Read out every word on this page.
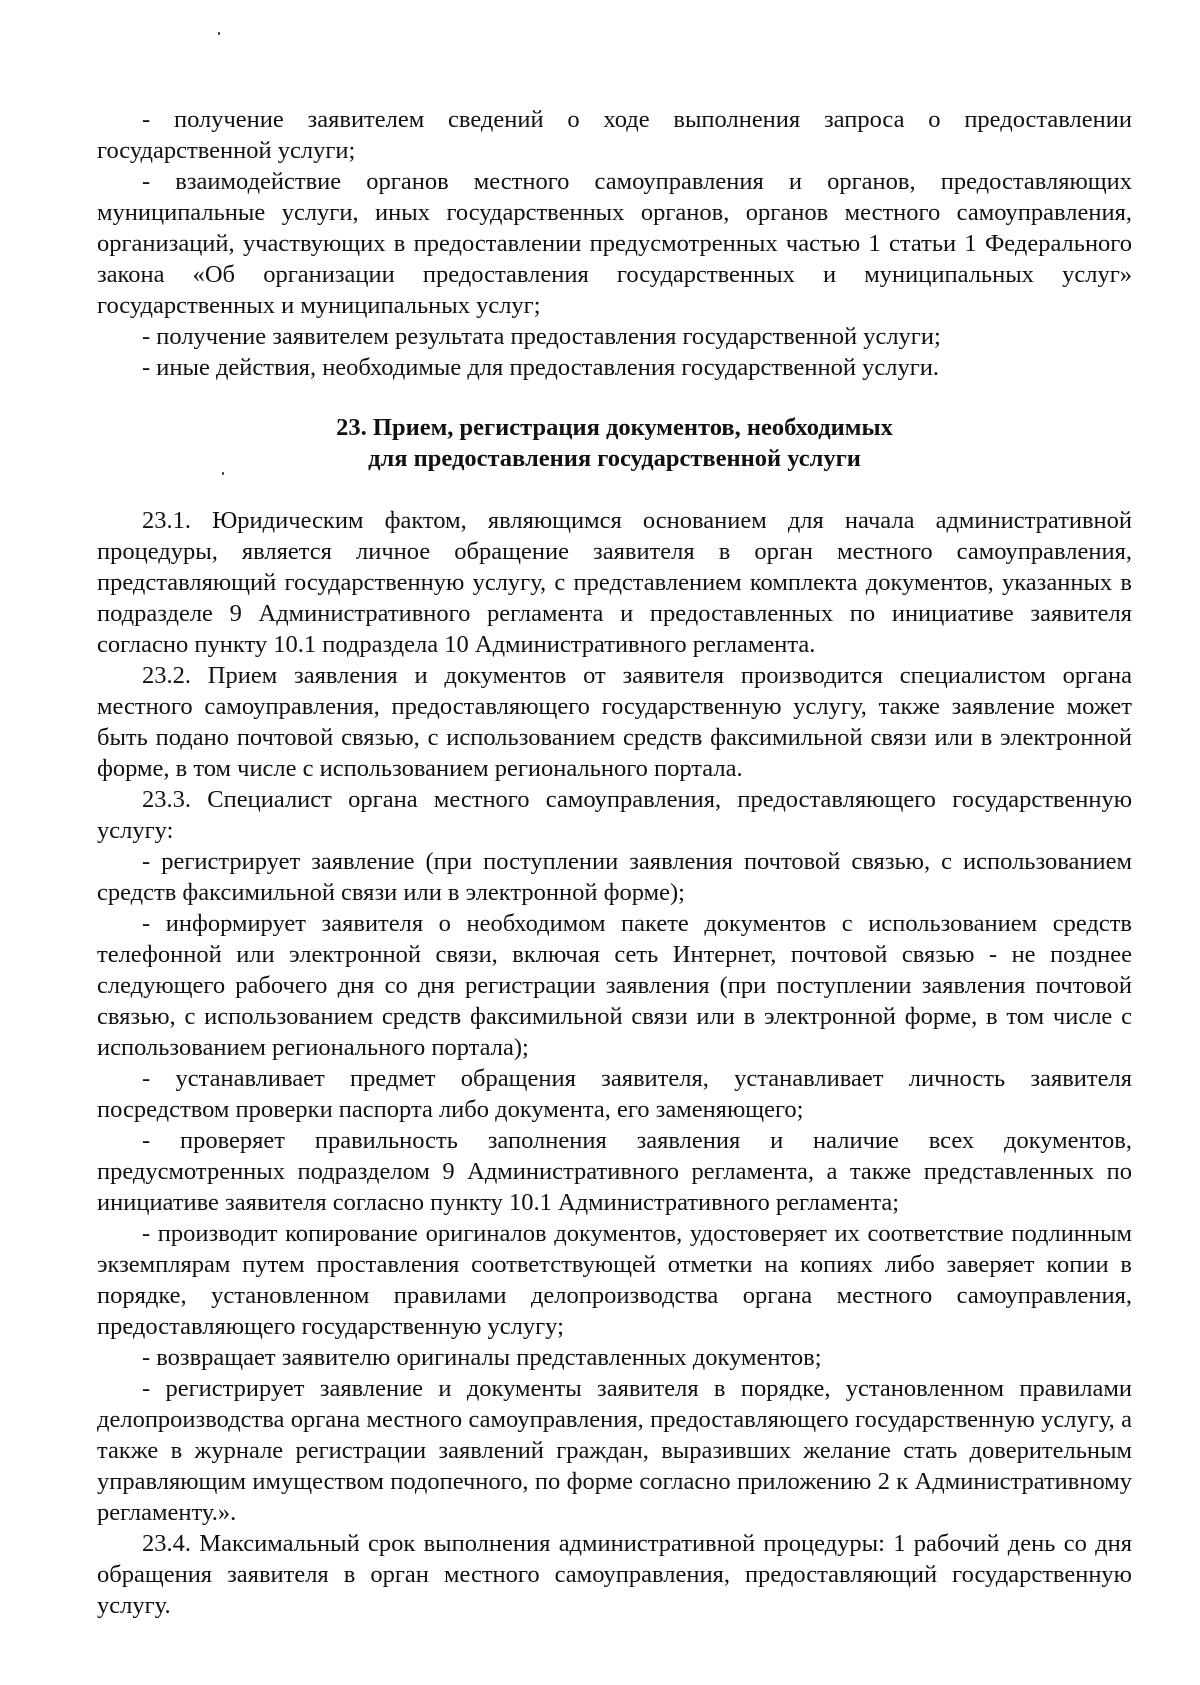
- получение заявителем сведений о ходе выполнения запроса о предоставлении государственной услуги;

- взаимодействие органов местного самоуправления и органов, предоставляющих муниципальные услуги, иных государственных органов, органов местного самоуправления, организаций, участвующих в предоставлении предусмотренных частью 1 статьи 1 Федерального закона «Об организации предоставления государственных и муниципальных услуг» государственных и муниципальных услуг;

- получение заявителем результата предоставления государственной услуги;

- иные действия, необходимые для предоставления государственной услуги.

23. Прием, регистрация документов, необходимых
для предоставления государственной услуги

23.1. Юридическим фактом, являющимся основанием для начала административной процедуры, является личное обращение заявителя в орган местного самоуправления, представляющий государственную услугу, с представлением комплекта документов, указанных в подразделе 9 Административного регламента и предоставленных по инициативе заявителя согласно пункту 10.1 подраздела 10 Административного регламента.

23.2. Прием заявления и документов от заявителя производится специалистом органа местного самоуправления, предоставляющего государственную услугу, также заявление может быть подано почтовой связью, с использованием средств факсимильной связи или в электронной форме, в том числе с использованием регионального портала.

23.3. Специалист органа местного самоуправления, предоставляющего государственную услугу:

- регистрирует заявление (при поступлении заявления почтовой связью, с использованием средств факсимильной связи или в электронной форме);

- информирует заявителя о необходимом пакете документов с использованием средств телефонной или электронной связи, включая сеть Интернет, почтовой связью - не позднее следующего рабочего дня со дня регистрации заявления (при поступлении заявления почтовой связью, с использованием средств факсимильной связи или в электронной форме, в том числе с использованием регионального портала);

- устанавливает предмет обращения заявителя, устанавливает личность заявителя посредством проверки паспорта либо документа, его заменяющего;

- проверяет правильность заполнения заявления и наличие всех документов, предусмотренных подразделом 9 Административного регламента, а также представленных по инициативе заявителя согласно пункту 10.1 Административного регламента;

- производит копирование оригиналов документов, удостоверяет их соответствие подлинным экземплярам путем проставления соответствующей отметки на копиях либо заверяет копии в порядке, установленном правилами делопроизводства органа местного самоуправления, предоставляющего государственную услугу;

- возвращает заявителю оригиналы представленных документов;

- регистрирует заявление и документы заявителя в порядке, установленном правилами делопроизводства органа местного самоуправления, предоставляющего государственную услугу, а также в журнале регистрации заявлений граждан, выразивших желание стать доверительным управляющим имуществом подопечного, по форме согласно приложению 2 к Административному регламенту.».

23.4. Максимальный срок выполнения административной процедуры: 1 рабочий день со дня обращения заявителя в орган местного самоуправления, предоставляющий государственную услугу.
